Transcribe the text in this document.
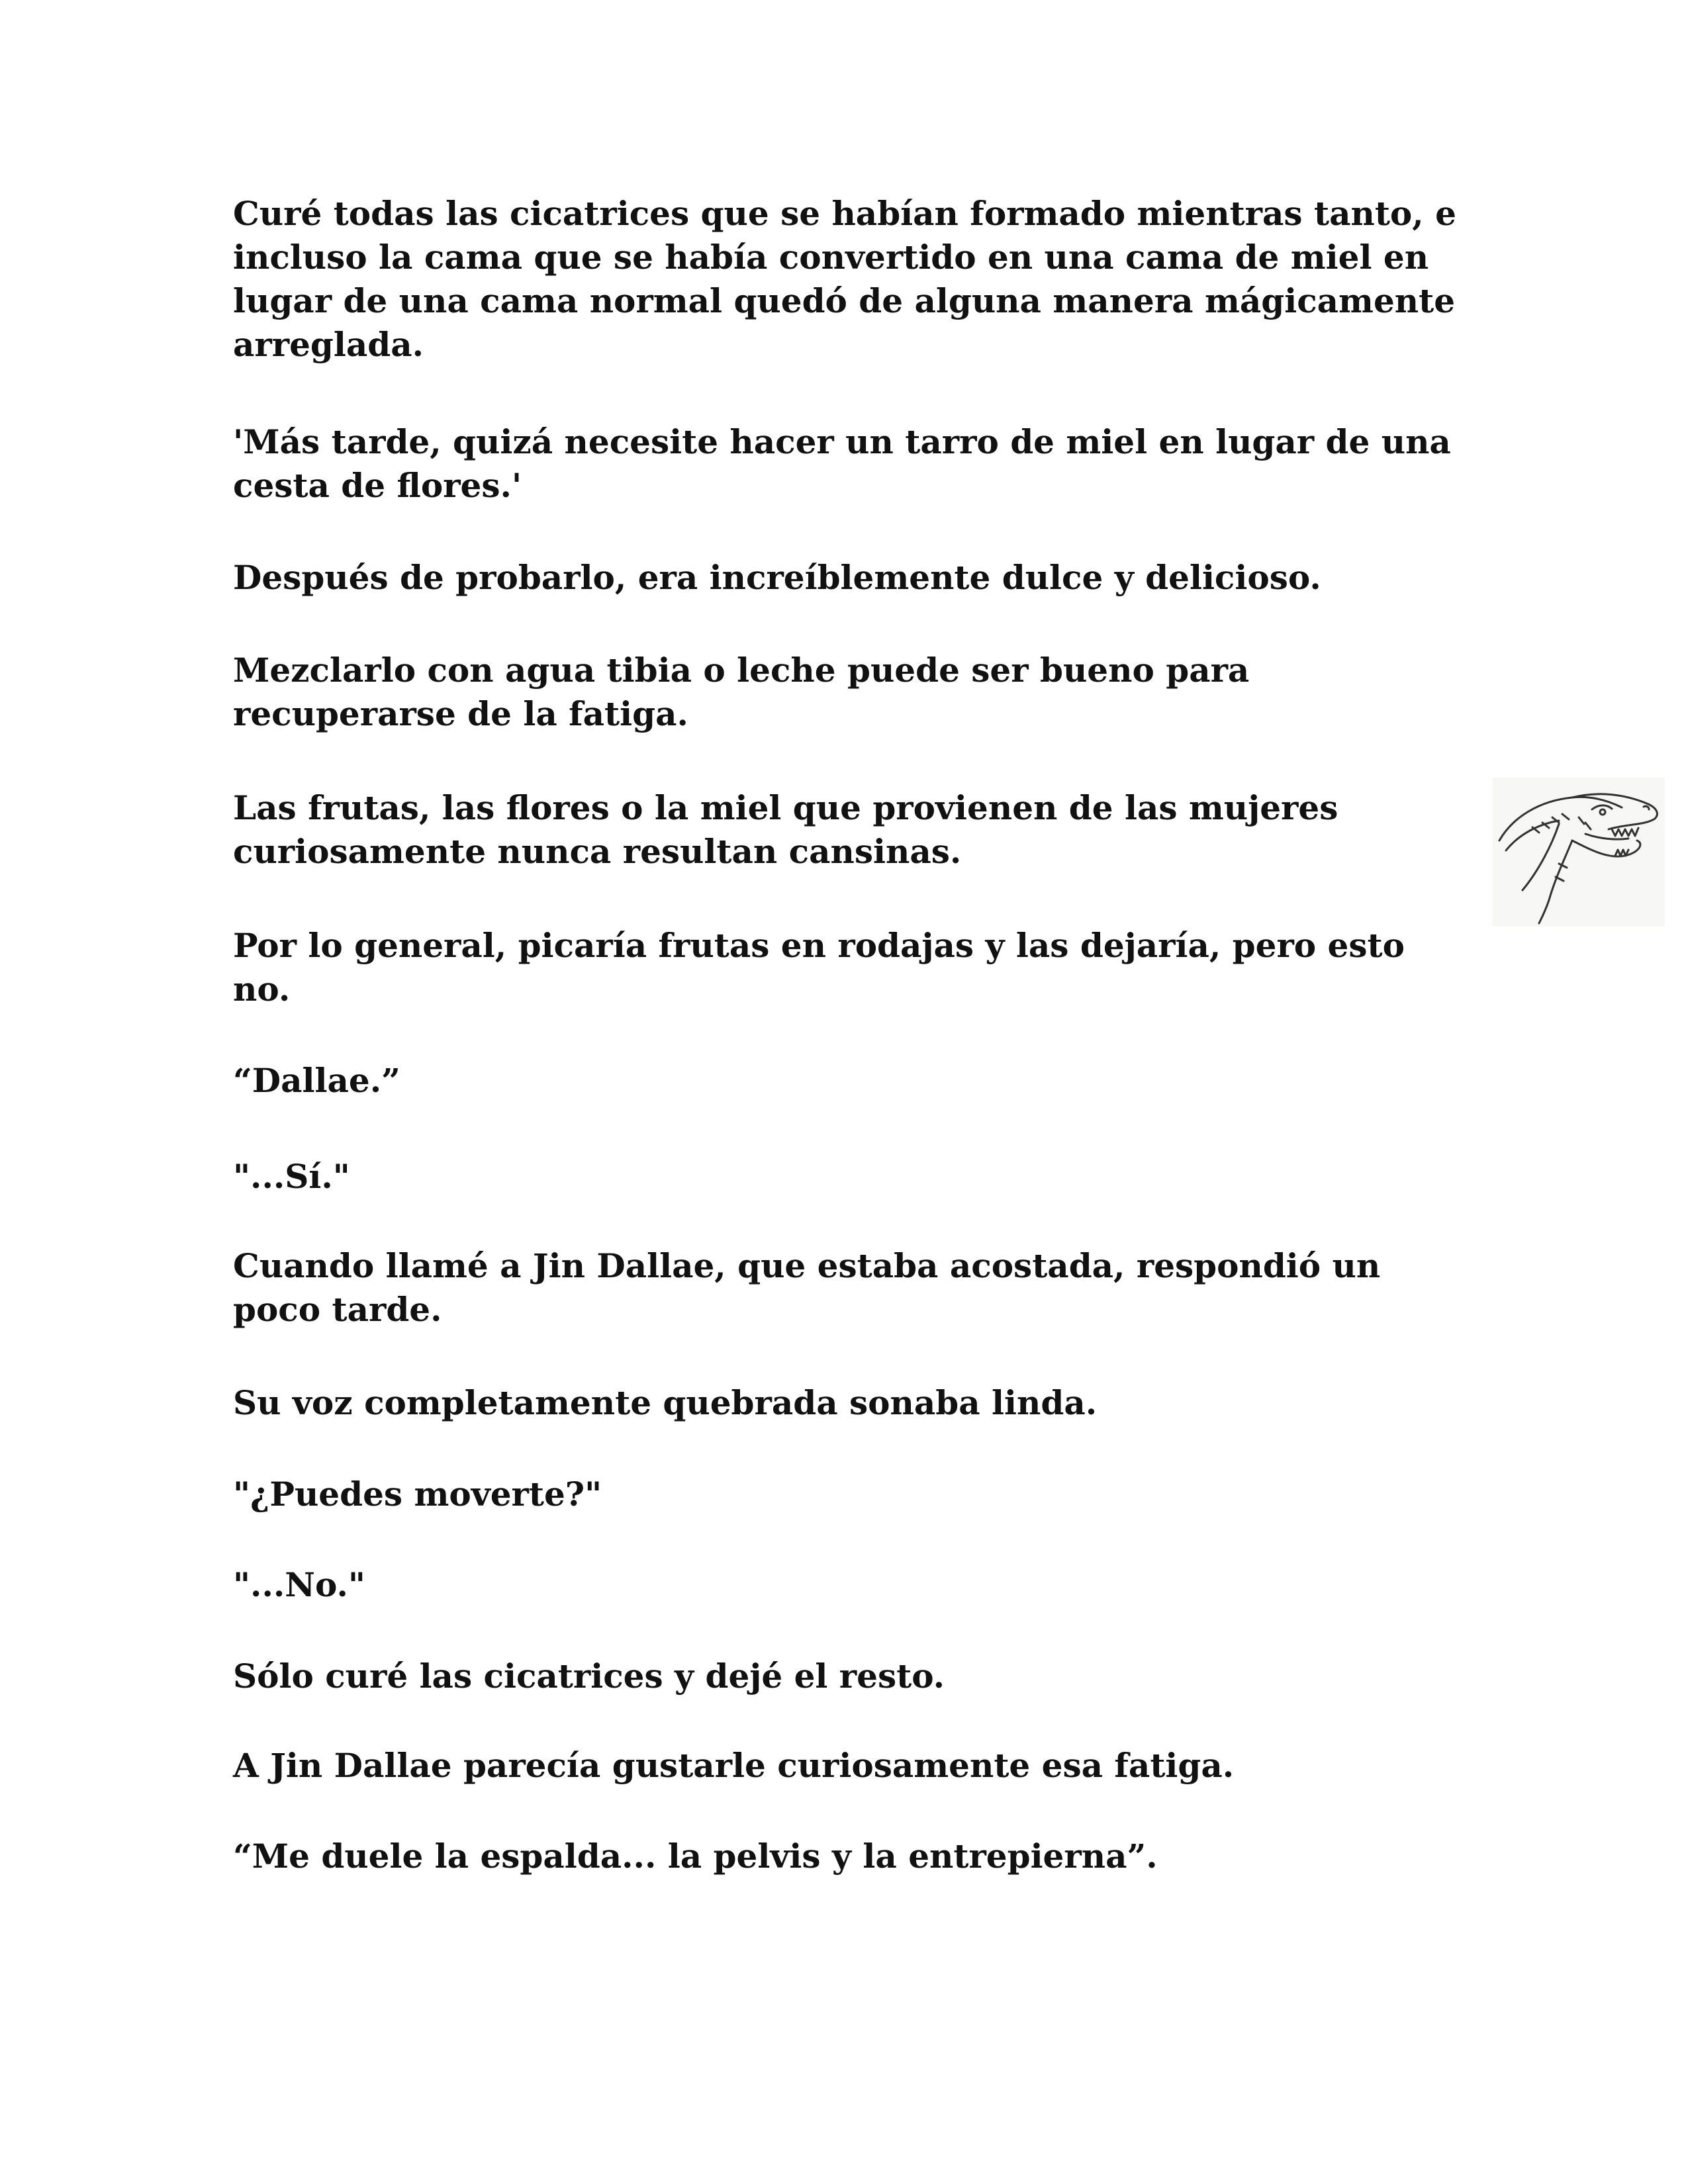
Curé todas las cicatrices que se habían formado mientras tanto, e incluso la cama que se había convertido en una cama de miel en lugar de una cama normal quedó de alguna manera mágicamente arreglada.

'Más tarde, quizá necesite hacer un tarro de miel en lugar de una cesta de flores.'

Después de probarlo, era increíblemente dulce y delicioso.

Mezclarlo con agua tibia o leche puede ser bueno para recuperarse de la fatiga.

Las frutas, las flores o la miel que provienen de las mujeres curiosamente nunca resultan cansinas.

Por lo general, picaría frutas en rodajas y las dejaría, pero esto no.

“Dallae.”

"...Sí."

Cuando llamé a Jin Dallae, que estaba acostada, respondió un poco tarde.

Su voz completamente quebrada sonaba linda.

"¿Puedes moverte?"

"...No."

Sólo curé las cicatrices y dejé el resto.

A Jin Dallae parecía gustarle curiosamente esa fatiga.

“Me duele la espalda... la pelvis y la entrepierna”.
